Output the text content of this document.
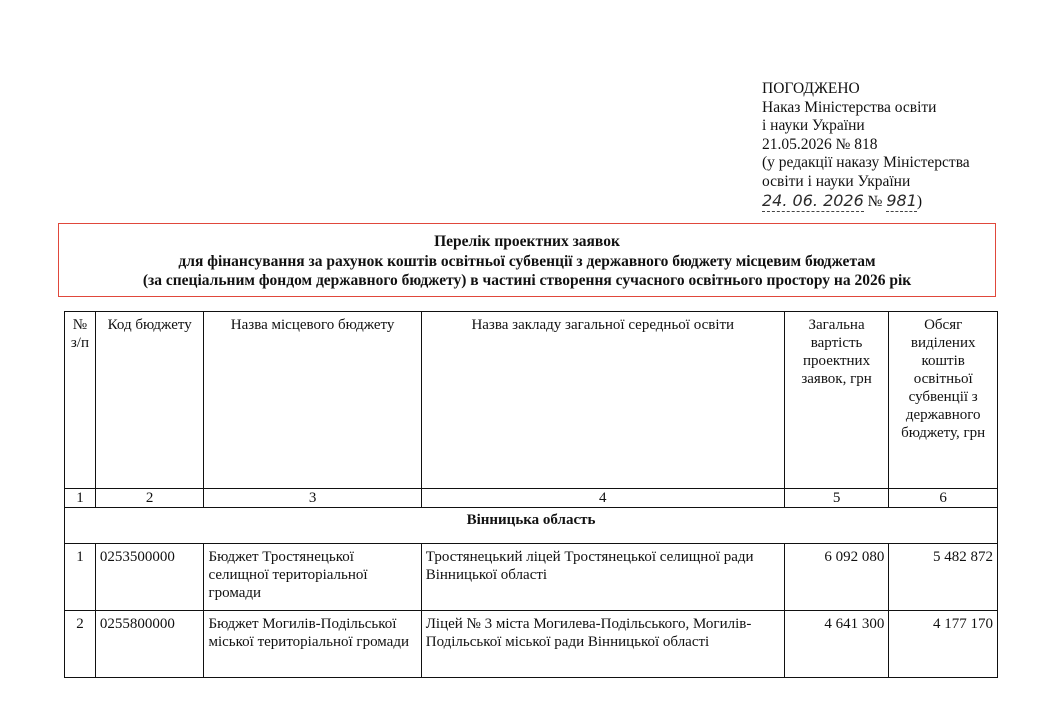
ПОГОДЖЕНО
Наказ Міністерства освіти
і науки України
21.05.2026 № 818
(у редакції наказу Міністерства
освіти і науки України
24. 06. 2026 № 981)
Перелік проектних заявок
для фінансування за рахунок коштів освітньої субвенції з державного бюджету місцевим бюджетам
(за спеціальним фондом державного бюджету) в частині створення сучасного освітнього простору на 2026 рік
№ з/п	Код бюджету	Назва місцевого бюджету	Назва закладу загальної середньої освіти	Загальна вартість проектних заявок, грн	Обсяг виділених коштів освітньої субвенції з державного бюджету, грн
1	2	3	4	5	6
Вінницька область					
1	0253500000	Бюджет Тростянецької селищної територіальної громади	Тростянецький ліцей Тростянецької селищної ради Вінницької області	6 092 080	5 482 872
2	0255800000	Бюджет Могилів-Подільської міської територіальної громади	Ліцей № 3 міста Могилева-Подільського, Могилів-Подільської міської ради Вінницької області	4 641 300	4 177 170
